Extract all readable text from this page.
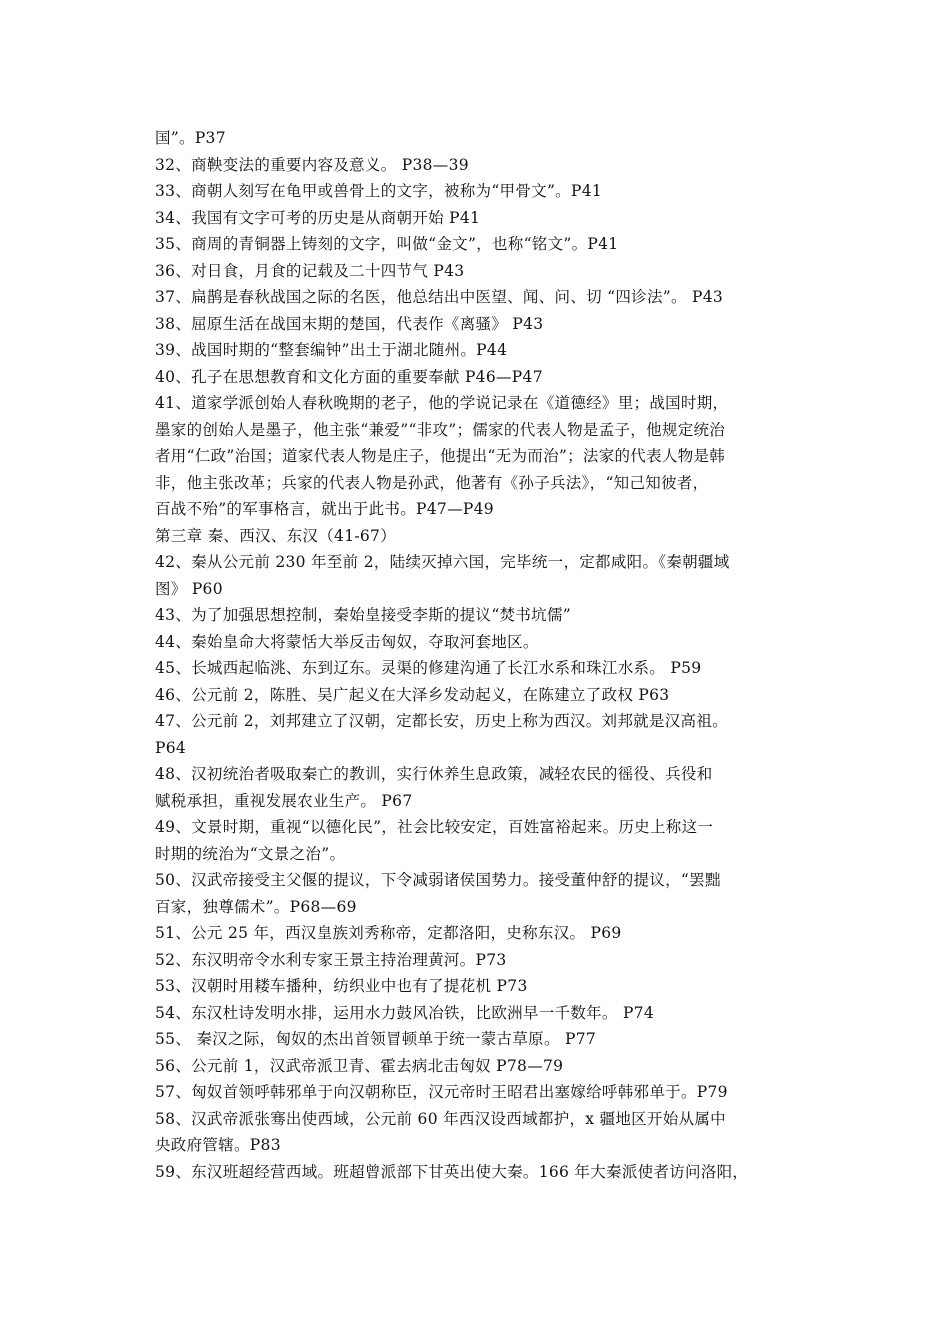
国”。P37
32、商鞅变法的重要内容及意义。 P38—39
33、商朝人刻写在龟甲或兽骨上的文字，被称为“甲骨文”。P41
34、我国有文字可考的历史是从商朝开始 P41
35、商周的青铜器上铸刻的文字，叫做“金文”，也称“铭文”。P41
36、对日食，月食的记载及二十四节气 P43
37、扁鹊是春秋战国之际的名医，他总结出中医望、闻、问、切 “四诊法”。 P43
38、屈原生活在战国末期的楚国，代表作《离骚》 P43
39、战国时期的“整套编钟”出土于湖北随州。P44
40、孔子在思想教育和文化方面的重要奉献 P46—P47
41、道家学派创始人春秋晚期的老子，他的学说记录在《道德经》里；战国时期，
墨家的创始人是墨子，他主张“兼爱”“非攻”；儒家的代表人物是孟子，他规定统治
者用“仁政”治国；道家代表人物是庄子，他提出“无为而治”；法家的代表人物是韩
非，他主张改革；兵家的代表人物是孙武，他著有《孙子兵法》，“知己知彼者，
百战不殆”的军事格言，就出于此书。P47—P49
第三章 秦、西汉、东汉（41-67）
42、秦从公元前 230 年至前 2，陆续灭掉六国，完毕统一，定都咸阳。《秦朝疆域
图》 P60
43、为了加强思想控制，秦始皇接受李斯的提议“焚书坑儒”
44、秦始皇命大将蒙恬大举反击匈奴，夺取河套地区。
45、长城西起临洮、东到辽东。灵渠的修建沟通了长江水系和珠江水系。 P59
46、公元前 2，陈胜、吴广起义在大泽乡发动起义，在陈建立了政权 P63
47、公元前 2，刘邦建立了汉朝，定都长安，历史上称为西汉。刘邦就是汉高祖。
P64
48、汉初统治者吸取秦亡的教训，实行休养生息政策，减轻农民的徭役、兵役和
赋税承担，重视发展农业生产。 P67
49、文景时期，重视“以德化民”，社会比较安定，百姓富裕起来。历史上称这一
时期的统治为“文景之治”。
50、汉武帝接受主父偃的提议，下令减弱诸侯国势力。接受董仲舒的提议，“罢黜
百家，独尊儒术”。P68—69
51、公元 25 年，西汉皇族刘秀称帝，定都洛阳，史称东汉。 P69
52、东汉明帝令水利专家王景主持治理黄河。P73
53、汉朝时用耧车播种，纺织业中也有了提花机 P73
54、东汉杜诗发明水排，运用水力鼓风冶铁，比欧洲早一千数年。 P74
55、 秦汉之际，匈奴的杰出首领冒顿单于统一蒙古草原。 P77
56、公元前 1，汉武帝派卫青、霍去病北击匈奴 P78—79
57、匈奴首领呼韩邪单于向汉朝称臣，汉元帝时王昭君出塞嫁给呼韩邪单于。P79
58、汉武帝派张骞出使西域，公元前 60 年西汉设西域都护，x 疆地区开始从属中
央政府管辖。P83
59、东汉班超经营西域。班超曾派部下甘英出使大秦。166 年大秦派使者访问洛阳，
